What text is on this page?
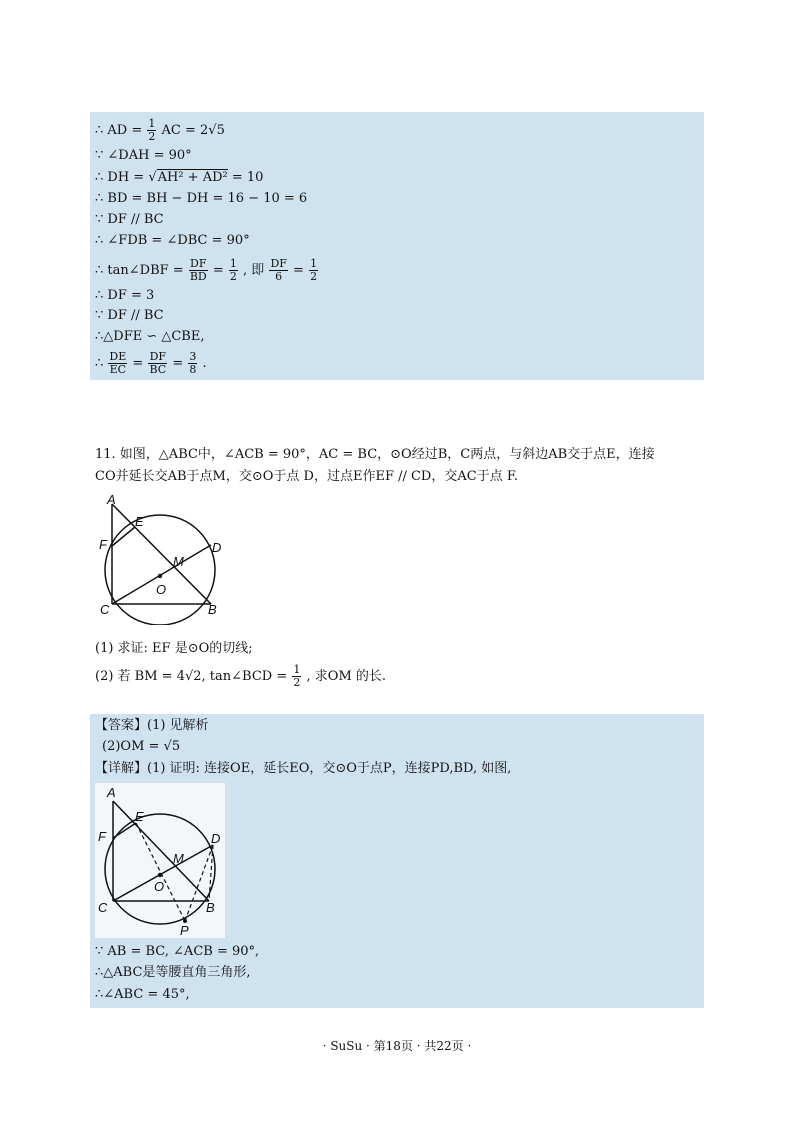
∴ AD = $\frac{1}{2}$ AC = 2√5
∵ ∠DAH = 90°
∴ DH = √AH² + AD² = 10
∴ BD = BH − DH = 16 − 10 = 6
∵ DF // BC
∴ ∠FDB = ∠DBC = 90°
∴ tan∠DBF = $\frac{DF}{BD} = \frac{1}{2}$ , 即 $\frac{DF}{6} = \frac{1}{2}$
∴ DF = 3
∵ DF // BC
∴△DFE ∽ △CBE,
∴ $\frac{DE}{EC} = \frac{DF}{BC} = \frac{3}{8}$ .
11. 如图，△ABC中，∠ACB = 90°，AC = BC，⊙O经过B，C两点，与斜边AB交于点E，连接
CO并延长交AB于点M，交⊙O于点 D，过点E作EF // CD，交AC于点 F.
A
E
F	D
M
O
C	B
(1) 求证: EF 是⊙O的切线;
(2) 若 BM = 4√2, tan∠BCD = $\frac{1}{2}$ , 求OM 的长.
【答案】(1) 见解析
(2)OM = √5
【详解】(1) 证明: 连接OE，延长EO，交⊙O于点P，连接PD,BD, 如图,
∵ AB = BC, ∠ACB = 90°,
∴△ABC是等腰直角三角形,
∴∠ABC = 45°,
A
E
F	D
M
O
C	B
P
· SuSu · 第18页 · 共22页 ·
